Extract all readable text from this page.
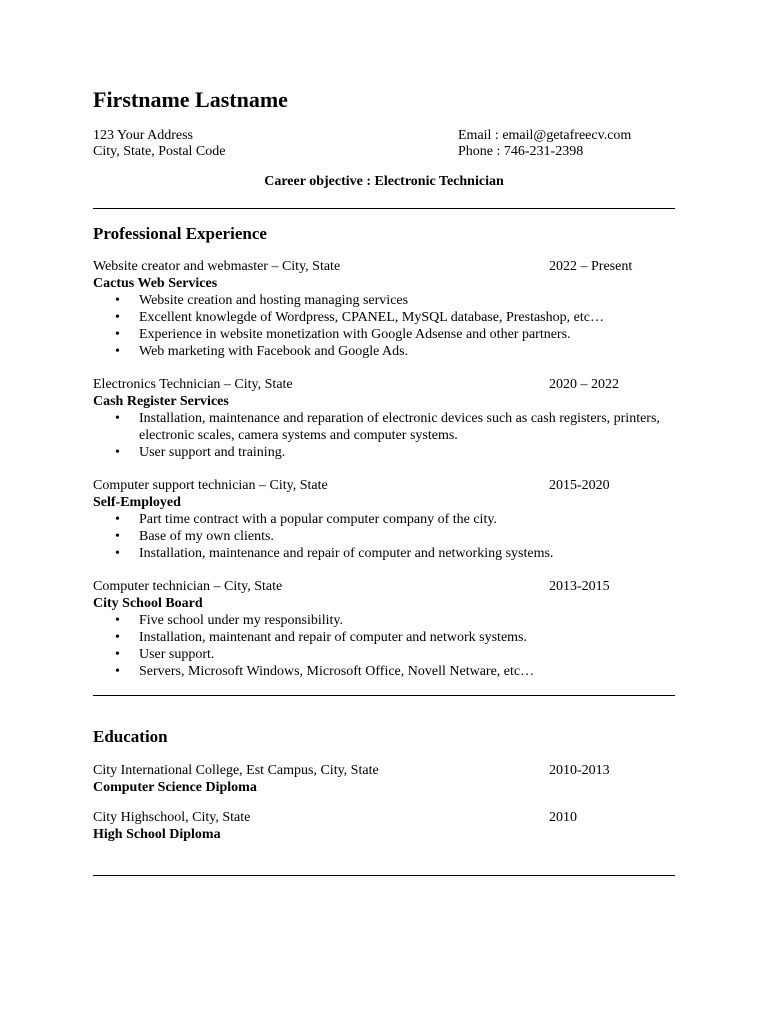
Firstname Lastname
123 Your Address
City, State, Postal Code
Email : email@getafreecv.com
Phone : 746-231-2398
Career objective : Electronic Technician
Professional Experience
Website creator and webmaster – City, State	2022 – Present
Cactus Web Services
• Website creation and hosting managing services
• Excellent knowlegde of Wordpress, CPANEL, MySQL database, Prestashop, etc…
• Experience in website monetization with Google Adsense and other partners.
• Web marketing with Facebook and Google Ads.
Electronics Technician – City, State	2020 – 2022
Cash Register Services
• Installation, maintenance and reparation of electronic devices such as cash registers, printers, electronic scales, camera systems and computer systems.
• User support and training.
Computer support technician – City, State	2015-2020
Self-Employed
• Part time contract with a popular computer company of the city.
• Base of my own clients.
• Installation, maintenance and repair of computer and networking systems.
Computer technician – City, State	2013-2015
City School Board
• Five school under my responsibility.
• Installation, maintenant and repair of computer and network systems.
• User support.
• Servers, Microsoft Windows, Microsoft Office, Novell Netware, etc…
Education
City International College, Est Campus, City, State	2010-2013
Computer Science Diploma
City Highschool, City, State	2010
High School Diploma
